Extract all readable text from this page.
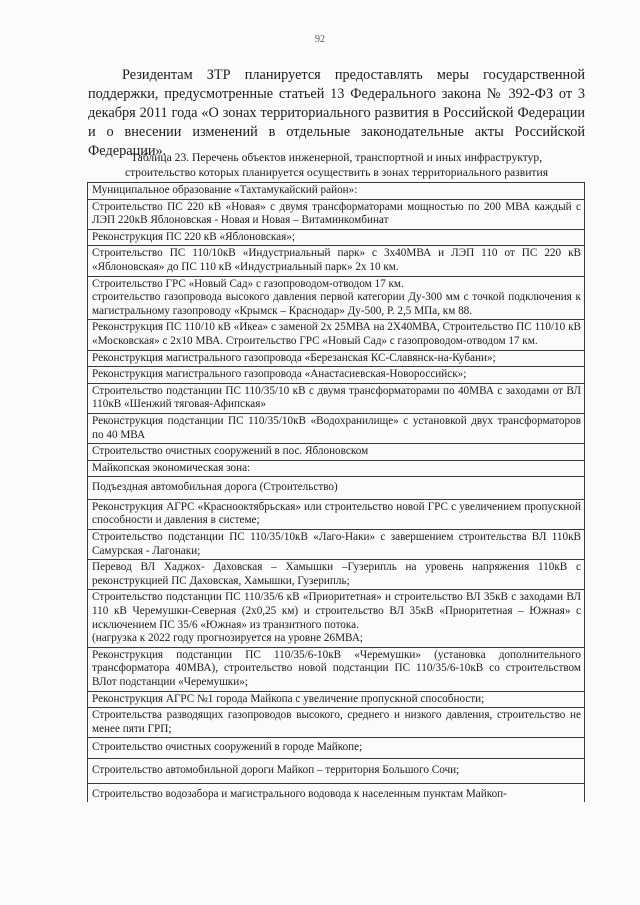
92

Резидентам ЗТР планируется предоставлять меры государственной поддержки, предусмотренные статьей 13 Федерального закона № 392-ФЗ от 3 декабря 2011 года «О зонах территориального развития в Российской Федерации и о внесении изменений в отдельные законодательные акты Российской Федерации».

Таблица 23. Перечень объектов инженерной, транспортной и иных инфраструктур,
строительство которых планируется осуществить в зонах территориального развития
Муниципальное образование «Тахтамукайский район»:
Строительство ПС 220 кВ «Новая» с двумя трансформаторами мощностью по 200 МВА каждый с ЛЭП 220кВ Яблоновская - Новая и Новая – Витаминкомбинат
Реконструкция ПС 220 кВ «Яблоновская»;
Строительство ПС 110/10кВ «Индустриальный парк» с 3х40МВА и ЛЭП 110 от ПС 220 кВ «Яблоновская» до ПС 110 кВ «Индустриальный парк» 2х 10 км.
Строительство ГРС «Новый Сад» с газопроводом-отводом 17 км.
строительство газопровода высокого давления первой категории Ду-300 мм с точкой подключения к магистральному газопроводу «Крымск – Краснодар» Ду-500, Р. 2,5 МПа, км 88.
Реконструкция ПС 110/10 кВ «Икеа» с заменой 2х 25МВА на 2Х40МВА, Строительство ПС 110/10 кВ «Московская» с 2х10 МВА. Строительство ГРС «Новый Сад» с газопроводом-отводом 17 км.
Реконструкция магистрального газопровода «Березанская КС-Славянск-на-Кубани»;
Реконструкция магистрального газопровода «Анастасиевская-Новороссийск»;
Строительство подстанции ПС 110/35/10 кВ с двумя трансформаторами по 40МВА с заходами от ВЛ 110кВ «Шенжий тяговая-Афипская»
Реконструкция подстанции ПС 110/35/10кВ «Водохранилище» с установкой двух трансформаторов по 40 МВА
Строительство очистных сооружений в пос. Яблоновском
Майкопская экономическая зона:
Подъездная автомобильная дорога (Строительство)
Реконструкция АГРС «Краснооктябрьская» или строительство новой ГРС с увеличением пропускной способности и давления в системе;
Строительство подстанции ПС 110/35/10кВ «Лаго-Наки» с завершением строительства ВЛ 110кВ Самурская - Лагонаки;
Перевод ВЛ Хаджох- Даховская – Хамышки –Гузерипль на уровень напряжения 110кВ с реконструкцией ПС Даховская, Хамышки, Гузерипль;
Строительство подстанции ПС 110/35/6 кВ «Приоритетная» и строительство ВЛ 35кВ с заходами ВЛ 110 кВ Черемушки-Северная (2х0,25 км) и строительство ВЛ 35кВ «Приоритетная – Южная» с исключением ПС 35/6 «Южная» из транзитного потока.
(нагрузка к 2022 году прогнозируется на уровне 26МВА;
Реконструкция подстанции ПС 110/35/6-10кВ «Черемушки» (установка дополнительного трансформатора 40МВА), строительство новой подстанции ПС 110/35/6-10кВ со строительством ВЛот подстанции «Черемушки»;
Реконструкция АГРС №1 города Майкопа с увеличение пропускной способности;
Строительства разводящих газопроводов высокого, среднего и низкого давления, строительство не менее пяти ГРП;
Строительство очистных сооружений в городе Майкопе;
Строительство автомобильной дороги Майкоп – территория Большого Сочи;
Строительство водозабора и магистрального водовода к населенным пунктам Майкоп-
